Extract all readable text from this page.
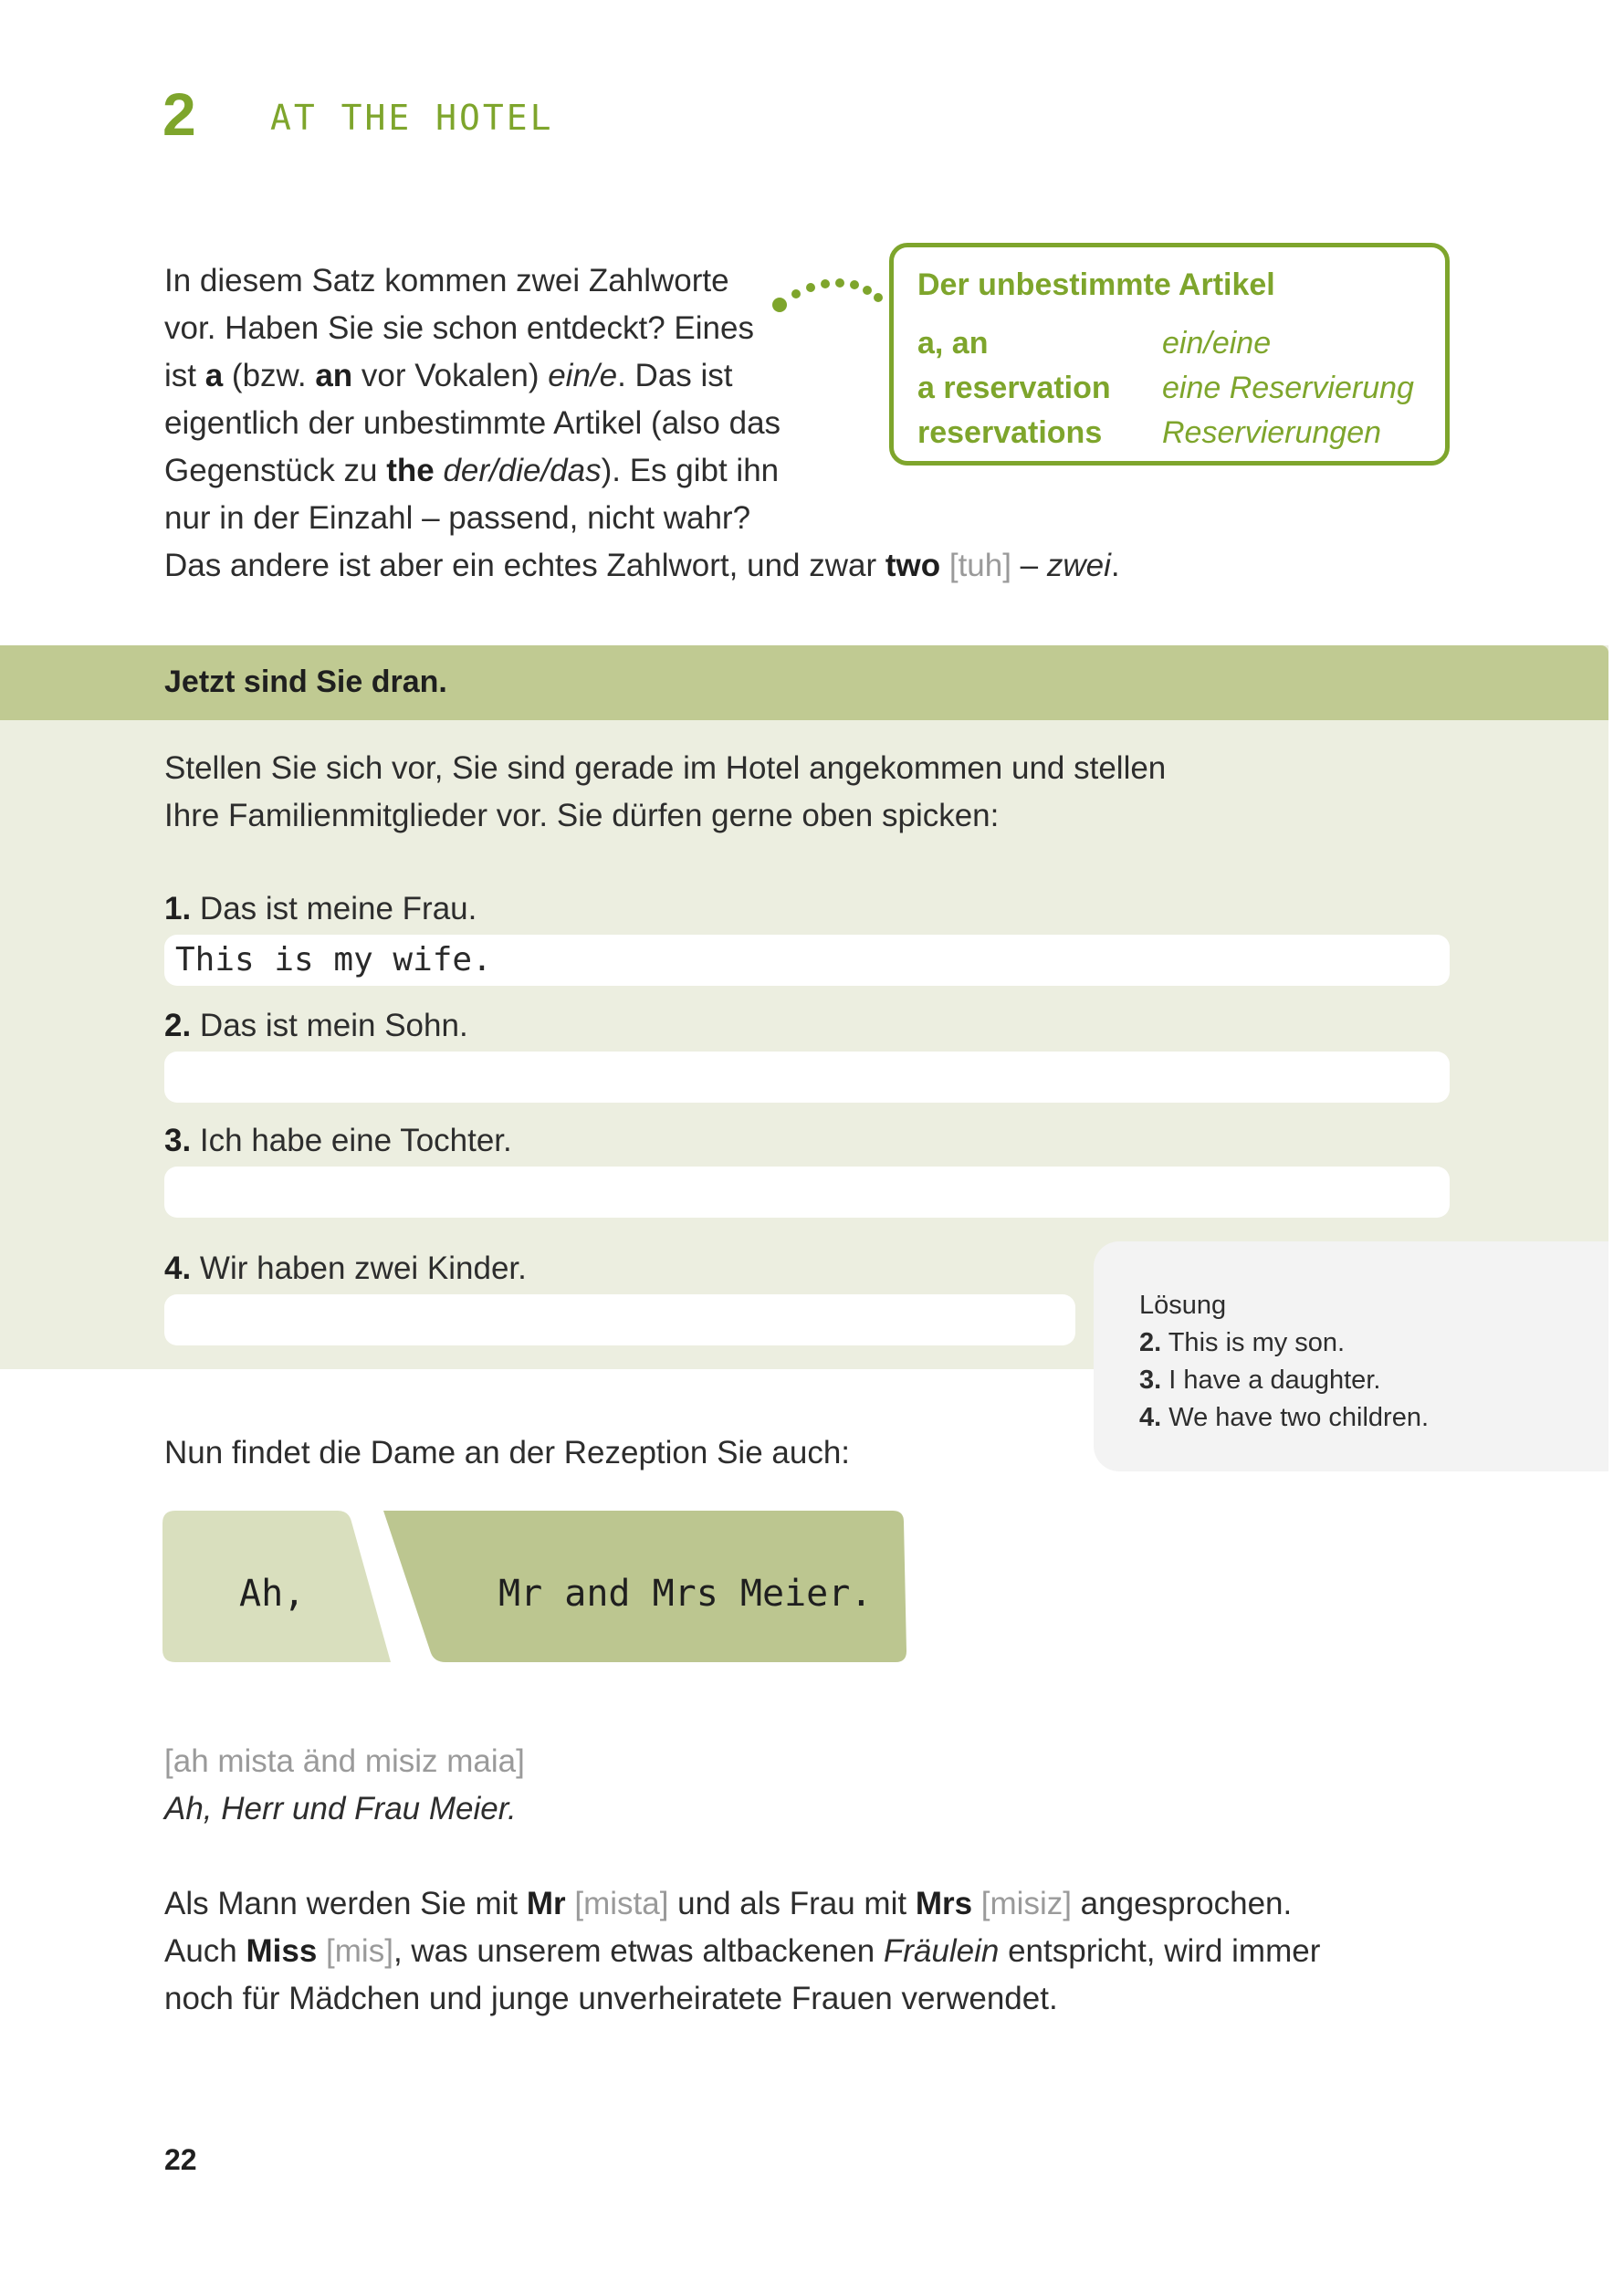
2 AT THE HOTEL
In diesem Satz kommen zwei Zahlworte
vor. Haben Sie sie schon entdeckt? Eines
ist a (bzw. an vor Vokalen) ein/e. Das ist
eigentlich der unbestimmte Artikel (also das
Gegenstück zu the der/die/das). Es gibt ihn
nur in der Einzahl – passend, nicht wahr?
Das andere ist aber ein echtes Zahlwort, und zwar two [tuh] – zwei.
Der unbestimmte Artikel
a, an	ein/eine
a reservation eine Reservierung
reservations Reservierungen
Jetzt sind Sie dran.
Stellen Sie sich vor, Sie sind gerade im Hotel angekommen und stellen
Ihre Familienmitglieder vor. Sie dürfen gerne oben spicken:
1. Das ist meine Frau.
This is my wife.
2. Das ist mein Sohn.
3. Ich habe eine Tochter.
4. Wir haben zwei Kinder.
Lösung
2. This is my son.
3. I have a daughter.
4. We have two children.
Nun findet die Dame an der Rezeption Sie auch:
Ah,	Mr and Mrs Meier.
[ah mista änd misiz maia]
Ah, Herr und Frau Meier.
Als Mann werden Sie mit Mr [mista] und als Frau mit Mrs [misiz] angesprochen.
Auch Miss [mis], was unserem etwas altbackenen Fräulein entspricht, wird immer
noch für Mädchen und junge unverheiratete Frauen verwendet.
22
